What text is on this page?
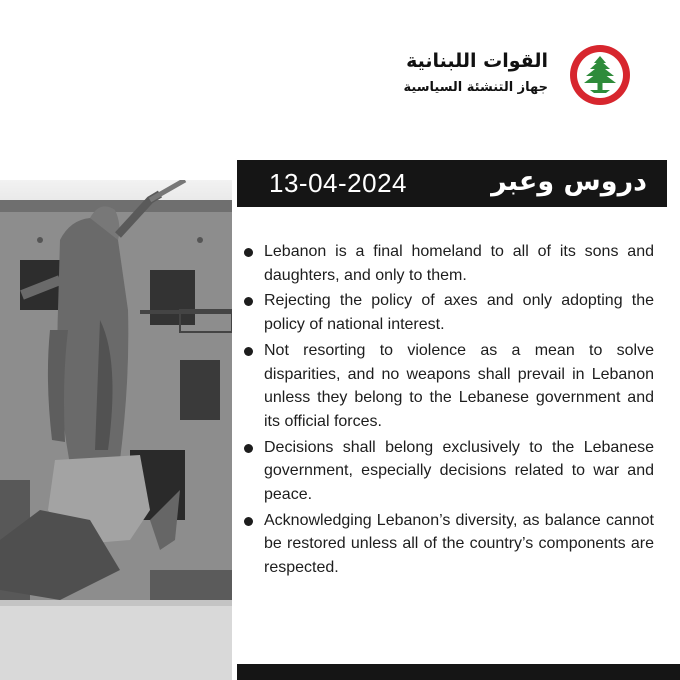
القوات اللبنانية
جهاز التنشئة السياسية
13-04-2024	دروس وعبر
Lebanon is a final homeland to all of its sons and daughters, and only to them.
Rejecting the policy of axes and only adopting the policy of national interest.
Not resorting to violence as a mean to solve disparities, and no weapons shall prevail in Lebanon unless they belong to the Lebanese government and its official forces.
Decisions shall belong exclusively to the Lebanese government, especially decisions related to war and peace.
Acknowledging Lebanon’s diversity, as balance cannot be restored unless all of the country’s components are respected.
